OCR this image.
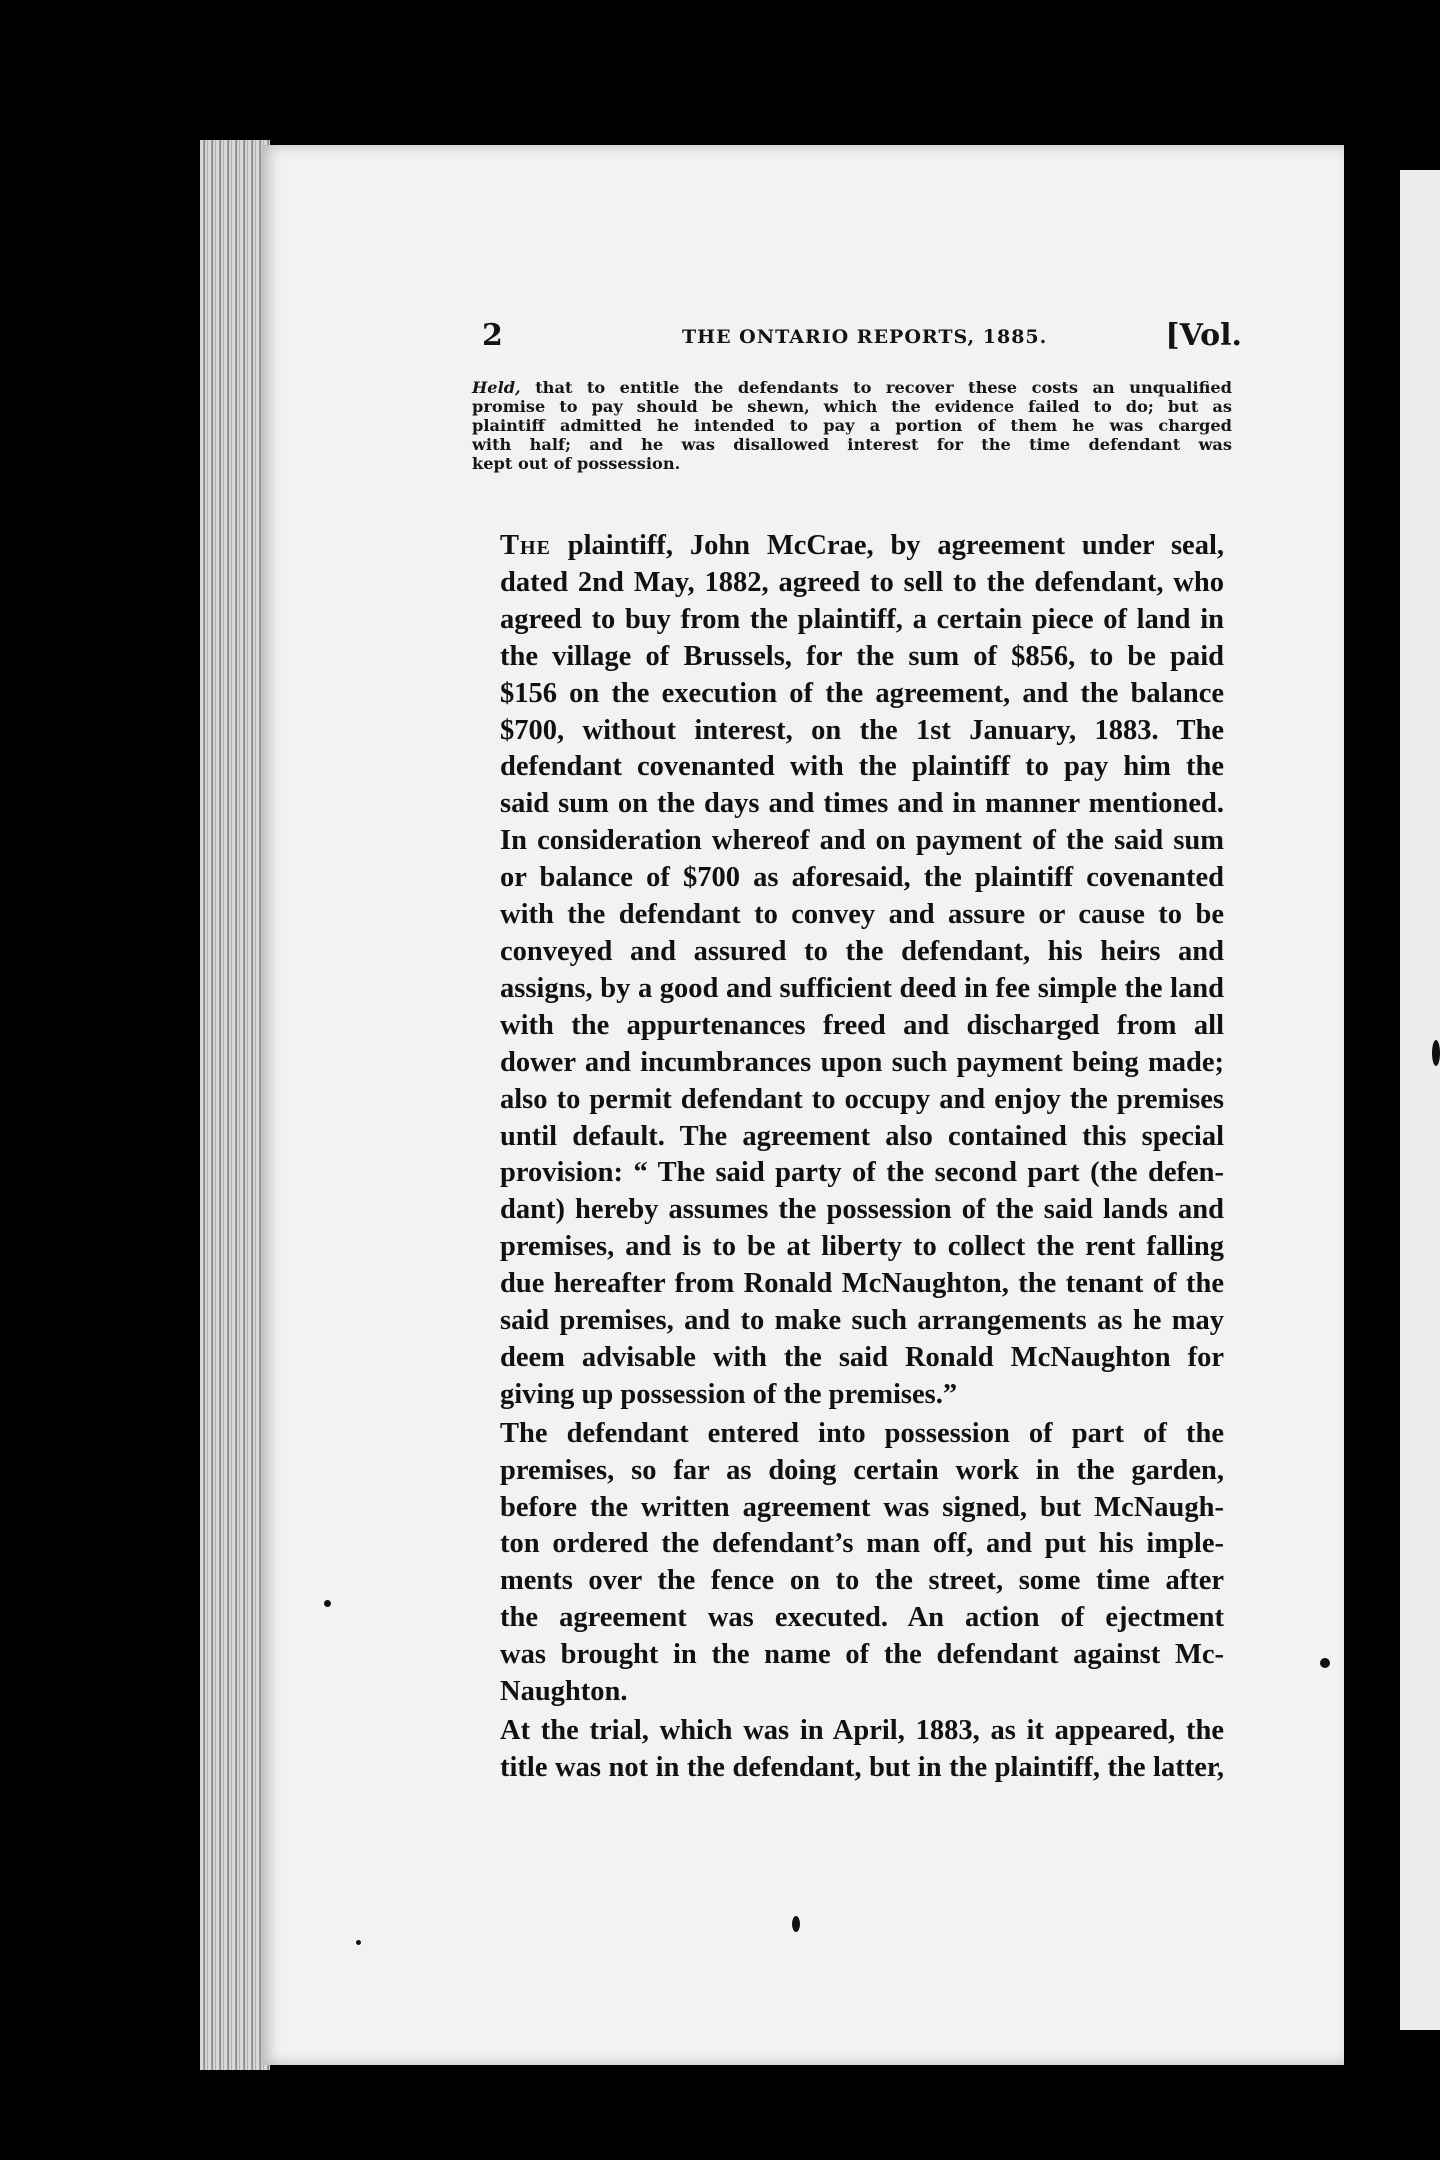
2	THE ONTARIO REPORTS, 1885.	[Vol.
Held, that to entitle the defendants to recover these costs an unqualified
promise to pay should be shewn, which the evidence failed to do; but as
plaintiff admitted he intended to pay a portion of them he was charged
with half; and he was disallowed interest for the time defendant was
kept out of possession.
The plaintiff, John McCrae, by agreement under seal,
dated 2nd May, 1882, agreed to sell to the defendant, who
agreed to buy from the plaintiff, a certain piece of land in
the village of Brussels, for the sum of $856, to be paid
$156 on the execution of the agreement, and the balance
$700, without interest, on the 1st January, 1883. The
defendant covenanted with the plaintiff to pay him the
said sum on the days and times and in manner mentioned.
In consideration whereof and on payment of the said sum
or balance of $700 as aforesaid, the plaintiff covenanted
with the defendant to convey and assure or cause to be
conveyed and assured to the defendant, his heirs and
assigns, by a good and sufficient deed in fee simple the land
with the appurtenances freed and discharged from all
dower and incumbrances upon such payment being made;
also to permit defendant to occupy and enjoy the premises
until default. The agreement also contained this special
provision: “ The said party of the second part (the defen-
dant) hereby assumes the possession of the said lands and
premises, and is to be at liberty to collect the rent falling
due hereafter from Ronald McNaughton, the tenant of the
said premises, and to make such arrangements as he may
deem advisable with the said Ronald McNaughton for
giving up possession of the premises.”
The defendant entered into possession of part of the
premises, so far as doing certain work in the garden,
before the written agreement was signed, but McNaugh-
ton ordered the defendant’s man off, and put his imple-
ments over the fence on to the street, some time after
the agreement was executed. An action of ejectment
was brought in the name of the defendant against Mc-
Naughton.
At the trial, which was in April, 1883, as it appeared, the
title was not in the defendant, but in the plaintiff, the latter,
